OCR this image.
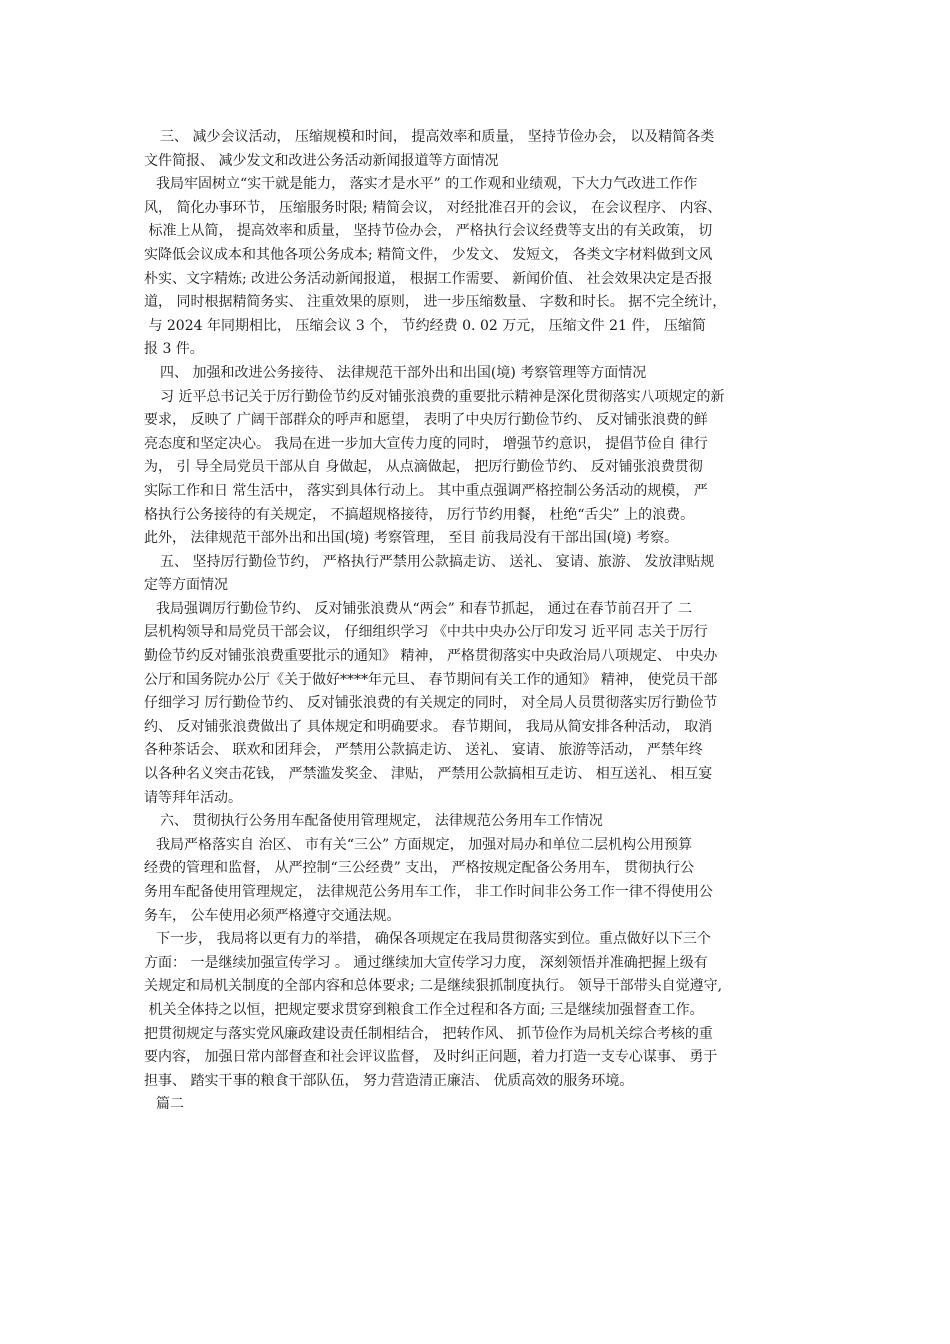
三、 减少会议活动， 压缩规模和时间， 提高效率和质量， 坚持节俭办会， 以及精简各类
文件简报、 减少发文和改进公务活动新闻报道等方面情况
我局牢固树立“实干就是能力， 落实才是水平” 的工作观和业绩观，下大力气改进工作作
风， 简化办事环节， 压缩服务时限; 精简会议， 对经批准召开的会议， 在会议程序、 内容、
标准上从简， 提高效率和质量， 坚持节俭办会， 严格执行会议经费等支出的有关政策， 切
实降低会议成本和其他各项公务成本; 精简文件， 少发文、 发短文， 各类文字材料做到文风
朴实、文字精炼; 改进公务活动新闻报道， 根据工作需要、 新闻价值、 社会效果决定是否报
道， 同时根据精简务实、 注重效果的原则， 进一步压缩数量、 字数和时长。 据不完全统计，
与 2024 年同期相比， 压缩会议 3 个， 节约经费 0. 02 万元， 压缩文件 21 件， 压缩简
报 3 件。
四、 加强和改进公务接待、 法律规范干部外出和出国(境) 考察管理等方面情况
习 近平总书记关于厉行勤俭节约反对铺张浪费的重要批示精神是深化贯彻落实八项规定的新
要求， 反映了 广阔干部群众的呼声和愿望， 表明了中央厉行勤俭节约、 反对铺张浪费的鲜
亮态度和坚定决心。 我局在进一步加大宣传力度的同时， 增强节约意识， 提倡节俭自 律行
为， 引 导全局党员干部从自 身做起， 从点滴做起， 把厉行勤俭节约、 反对铺张浪费贯彻
实际工作和日 常生活中， 落实到具体行动上。 其中重点强调严格控制公务活动的规模， 严
格执行公务接待的有关规定， 不搞超规格接待， 厉行节约用餐， 杜绝“舌尖” 上的浪费。
此外， 法律规范干部外出和出国(境) 考察管理， 至目 前我局没有干部出国(境) 考察。
五、 坚持厉行勤俭节约， 严格执行严禁用公款搞走访、 送礼、 宴请、旅游、 发放津贴规
定等方面情况
我局强调厉行勤俭节约、 反对铺张浪费从“两会” 和春节抓起， 通过在春节前召开了 二
层机构领导和局党员干部会议， 仔细组织学习 《中共中央办公厅印发习 近平同 志关于厉行
勤俭节约反对铺张浪费重要批示的通知》 精神， 严格贯彻落实中央政治局八项规定、 中央办
公厅和国务院办公厅《关于做好****年元旦、 春节期间有关工作的通知》 精神， 使党员干部
仔细学习 厉行勤俭节约、 反对铺张浪费的有关规定的同时， 对全局人员贯彻落实厉行勤俭节
约、 反对铺张浪费做出了 具体规定和明确要求。 春节期间， 我局从简安排各种活动， 取消
各种茶话会、 联欢和团拜会， 严禁用公款搞走访、 送礼、 宴请、 旅游等活动， 严禁年终
以各种名义突击花钱， 严禁滥发奖金、 津贴， 严禁用公款搞相互走访、 相互送礼、 相互宴
请等拜年活动。
六、 贯彻执行公务用车配备使用管理规定， 法律规范公务用车工作情况
我局严格落实自 治区、 市有关“三公” 方面规定， 加强对局办和单位二层机构公用预算
经费的管理和监督， 从严控制“三公经费” 支出， 严格按规定配备公务用车， 贯彻执行公
务用车配备使用管理规定， 法律规范公务用车工作， 非工作时间非公务工作一律不得使用公
务车， 公车使用必须严格遵守交通法规。
下一步， 我局将以更有力的举措， 确保各项规定在我局贯彻落实到位。重点做好以下三个
方面： 一是继续加强宣传学习 。 通过继续加大宣传学习力度， 深刻领悟并准确把握上级有
关规定和局机关制度的全部内容和总体要求; 二是继续狠抓制度执行。 领导干部带头自觉遵守,
机关全体持之以恒，把规定要求贯穿到粮食工作全过程和各方面; 三是继续加强督查工作。
把贯彻规定与落实党风廉政建设责任制相结合， 把转作风、 抓节俭作为局机关综合考核的重
要内容， 加强日常内部督查和社会评议监督， 及时纠正问题，着力打造一支专心谋事、 勇于
担事、 踏实干事的粮食干部队伍， 努力营造清正廉洁、 优质高效的服务环境。
篇二
